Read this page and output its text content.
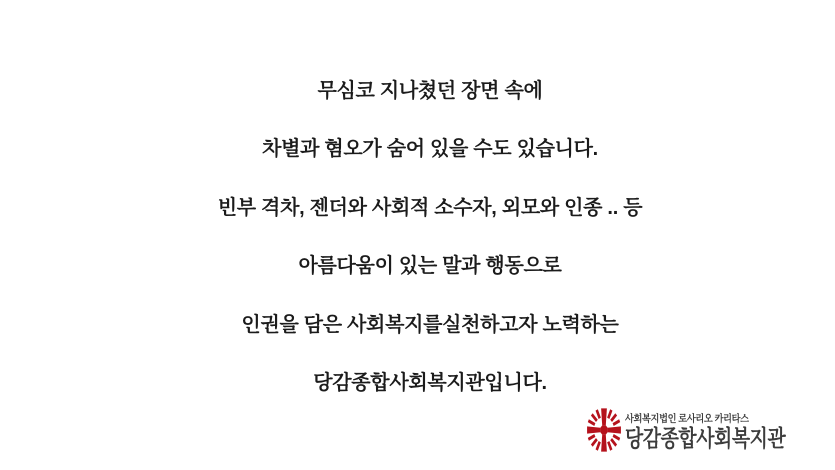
무심코 지나쳤던 장면 속에

차별과 혐오가 숨어 있을 수도 있습니다.

빈부 격차, 젠더와 사회적 소수자, 외모와 인종 .. 등

아름다움이 있는 말과 행동으로

인권을 담은 사회복지를실천하고자 노력하는

당감종합사회복지관입니다.

사회복지법인 로사리오 카리타스
당감종합사회복지관
